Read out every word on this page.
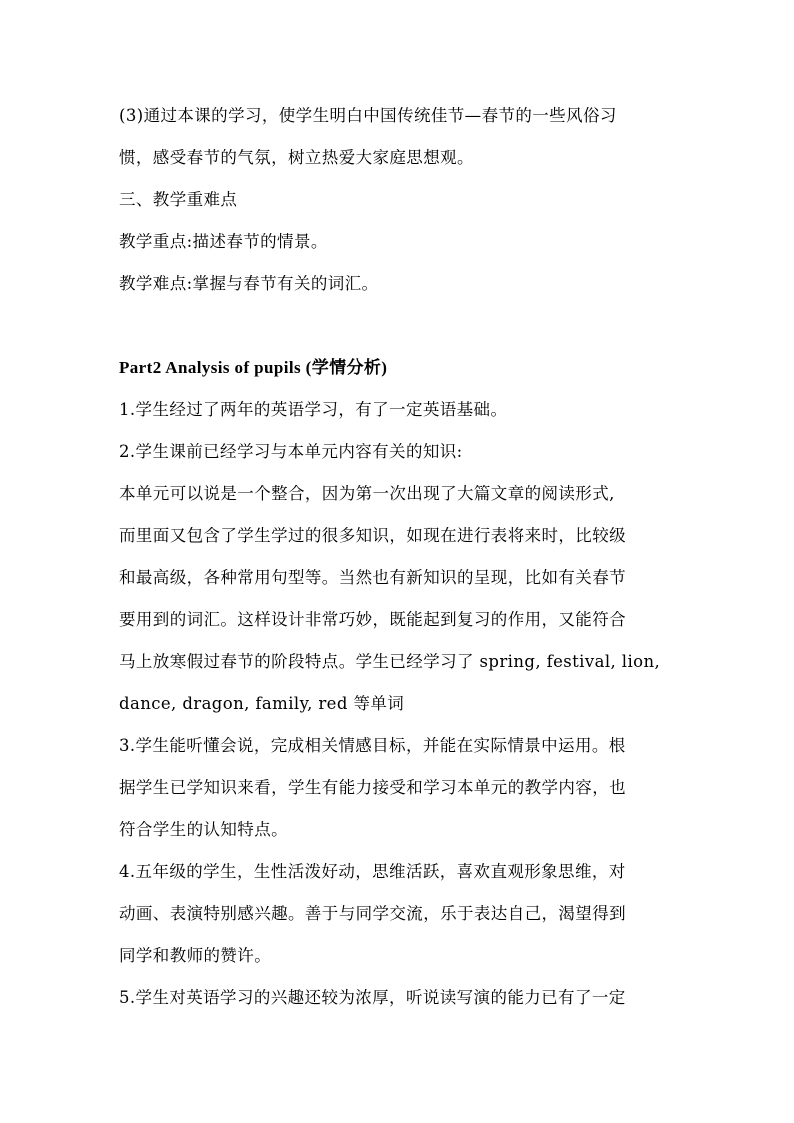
(3)通过本课的学习，使学生明白中国传统佳节—春节的一些风俗习
惯，感受春节的气氛，树立热爱大家庭思想观。
三、教学重难点
教学重点:描述春节的情景。
教学难点:掌握与春节有关的词汇。
Part2 Analysis of pupils (学情分析)
1.学生经过了两年的英语学习，有了一定英语基础。
2.学生课前已经学习与本单元内容有关的知识:
本单元可以说是一个整合，因为第一次出现了大篇文章的阅读形式,
而里面又包含了学生学过的很多知识，如现在进行表将来时，比较级
和最高级，各种常用句型等。当然也有新知识的呈现，比如有关春节
要用到的词汇。这样设计非常巧妙，既能起到复习的作用，又能符合
马上放寒假过春节的阶段特点。学生已经学习了 spring, festival, lion,
dance, dragon, family, red 等单词
3.学生能听懂会说，完成相关情感目标，并能在实际情景中运用。根
据学生已学知识来看，学生有能力接受和学习本单元的教学内容，也
符合学生的认知特点。
4.五年级的学生，生性活泼好动，思维活跃，喜欢直观形象思维，对
动画、表演特别感兴趣。善于与同学交流，乐于表达自己，渴望得到
同学和教师的赞许。
5.学生对英语学习的兴趣还较为浓厚，听说读写演的能力已有了一定
